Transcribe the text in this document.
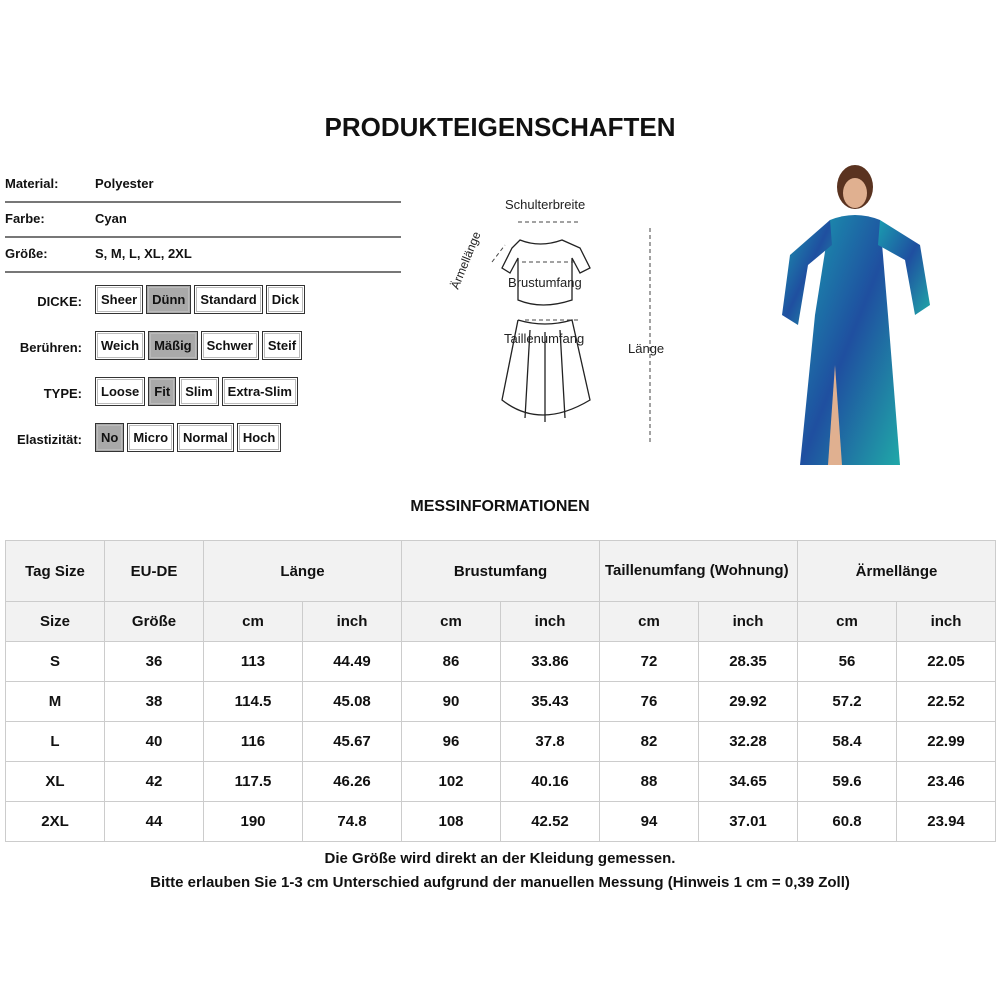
PRODUKTEIGENSCHAFTEN
Material:	Polyester
Farbe:	Cyan
Größe:	S, M, L, XL, 2XL
DICKE:	Sheer	Dünn	Standard	Dick
Berühren:	Weich	Mäßig	Schwer	Steif
TYPE:	Loose	Fit	Slim	Extra-Slim
Elastizität:	No	Micro	Normal	Hoch
Schulterbreite
Brustumfang
Taillenumfang
Länge
Ärmellänge
MESSINFORMATIONEN
Tag Size	EU-DE	Länge		Brustumfang		Taillenumfang (Wohnung)		Ärmellänge	
Size	Größe	cm	inch	cm	inch	cm	inch	cm	inch
S	36	113	44.49	86	33.86	72	28.35	56	22.05
M	38	114.5	45.08	90	35.43	76	29.92	57.2	22.52
L	40	116	45.67	96	37.8	82	32.28	58.4	22.99
XL	42	117.5	46.26	102	40.16	88	34.65	59.6	23.46
2XL	44	190	74.8	108	42.52	94	37.01	60.8	23.94
Die Größe wird direkt an der Kleidung gemessen.
Bitte erlauben Sie 1-3 cm Unterschied aufgrund der manuellen Messung (Hinweis 1 cm = 0,39 Zoll)
